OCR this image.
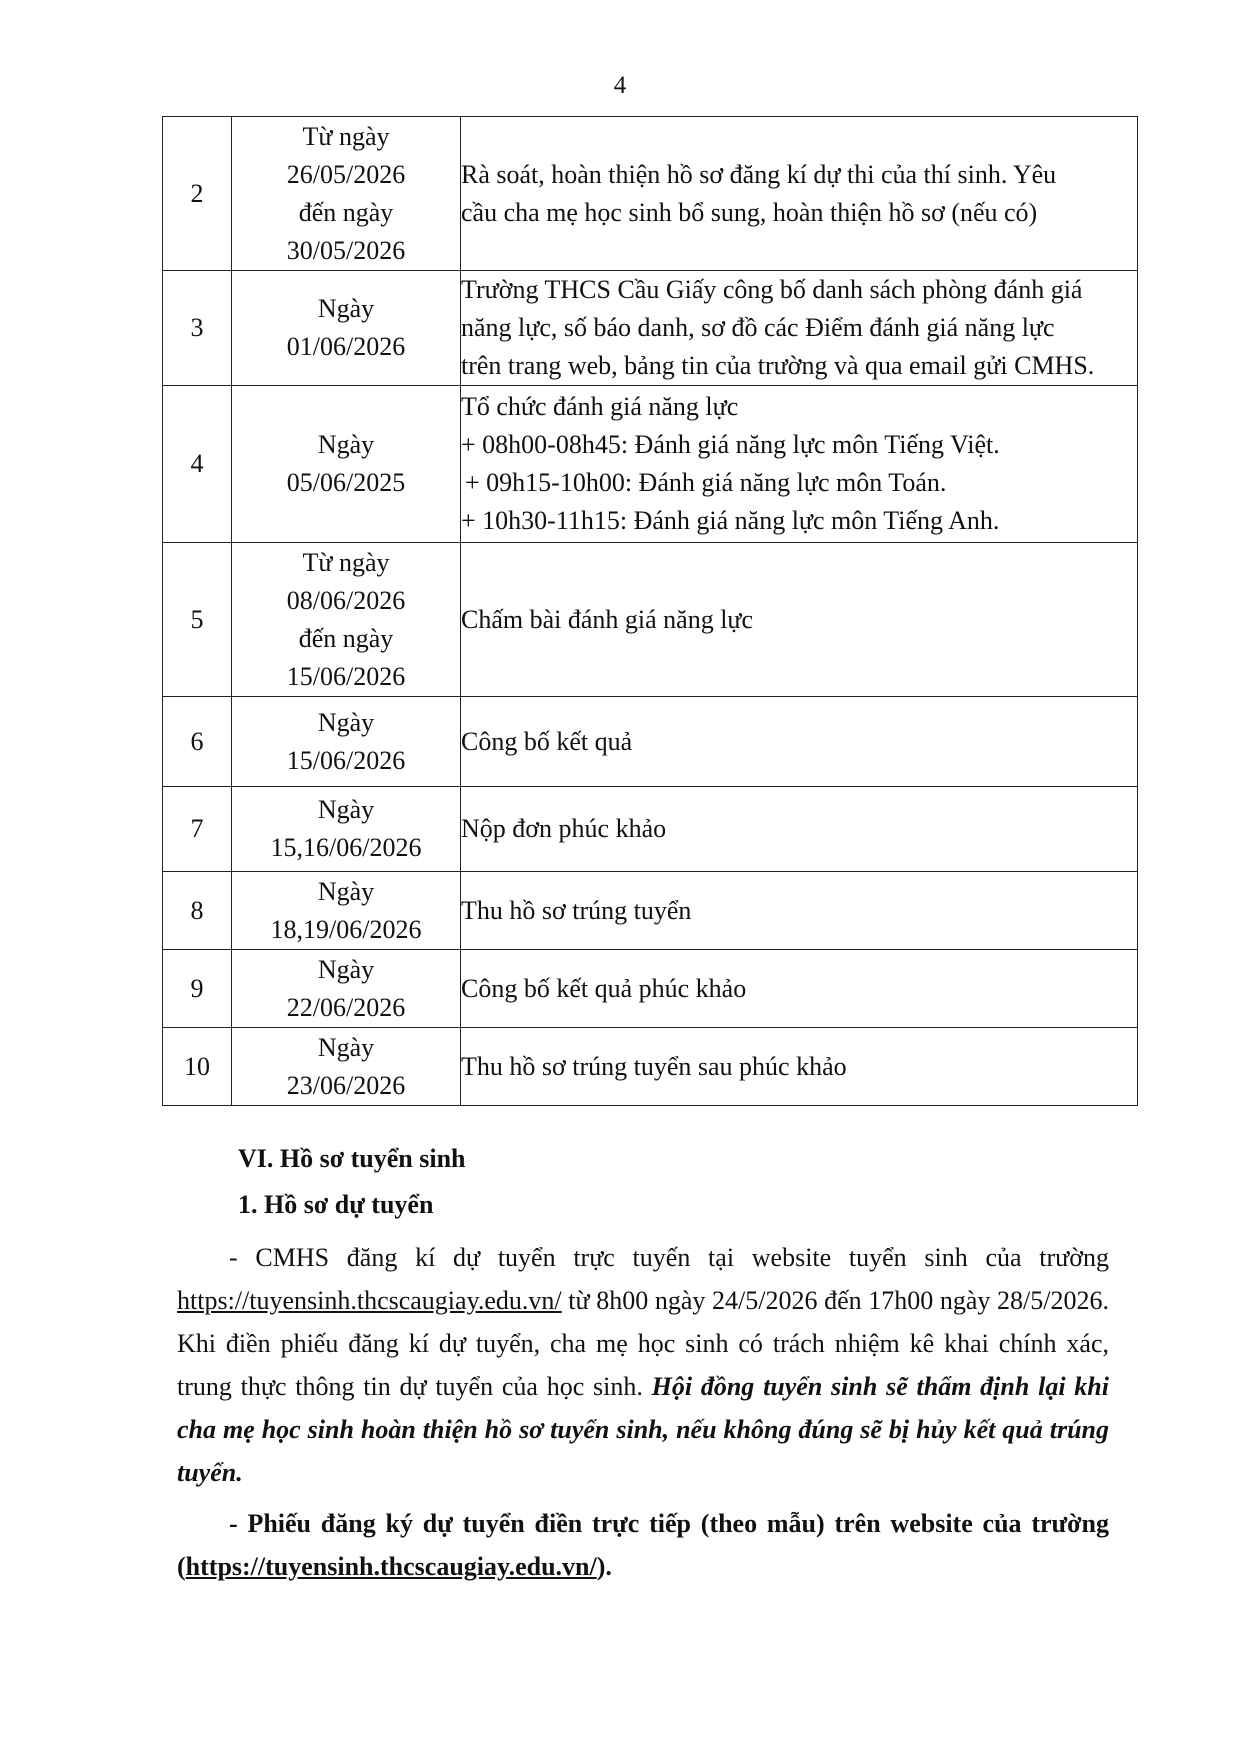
4
2	Từ ngày
26/05/2026
đến ngày
30/05/2026	Rà soát, hoàn thiện hồ sơ đăng kí dự thi của thí sinh. Yêu
cầu cha mẹ học sinh bổ sung, hoàn thiện hồ sơ (nếu có)

3	Ngày
01/06/2026	Trường THCS Cầu Giấy công bố danh sách phòng đánh giá
năng lực, số báo danh, sơ đồ các Điểm đánh giá năng lực
trên trang web, bảng tin của trường và qua email gửi CMHS.

4	Ngày
05/06/2025	Tổ chức đánh giá năng lực
+ 08h00-08h45: Đánh giá năng lực môn Tiếng Việt.
+ 09h15-10h00: Đánh giá năng lực môn Toán.
+ 10h30-11h15: Đánh giá năng lực môn Tiếng Anh.

5	Từ ngày
08/06/2026
đến ngày
15/06/2026	Chấm bài đánh giá năng lực

6	Ngày
15/06/2026	Công bố kết quả

7	Ngày
15,16/06/2026	Nộp đơn phúc khảo

8	Ngày
18,19/06/2026	Thu hồ sơ trúng tuyển

9	Ngày
22/06/2026	Công bố kết quả phúc khảo

10	Ngày
23/06/2026	Thu hồ sơ trúng tuyển sau phúc khảo
VI. Hồ sơ tuyển sinh
1. Hồ sơ dự tuyển
- CMHS đăng kí dự tuyển trực tuyến tại website tuyển sinh của trường https://tuyensinh.thcscaugiay.edu.vn/ từ 8h00 ngày 24/5/2026 đến 17h00 ngày 28/5/2026. Khi điền phiếu đăng kí dự tuyển, cha mẹ học sinh có trách nhiệm kê khai chính xác, trung thực thông tin dự tuyển của học sinh. Hội đồng tuyển sinh sẽ thẩm định lại khi cha mẹ học sinh hoàn thiện hồ sơ tuyển sinh, nếu không đúng sẽ bị hủy kết quả trúng tuyển.
- Phiếu đăng ký dự tuyển điền trực tiếp (theo mẫu) trên website của trường (https://tuyensinh.thcscaugiay.edu.vn/).
